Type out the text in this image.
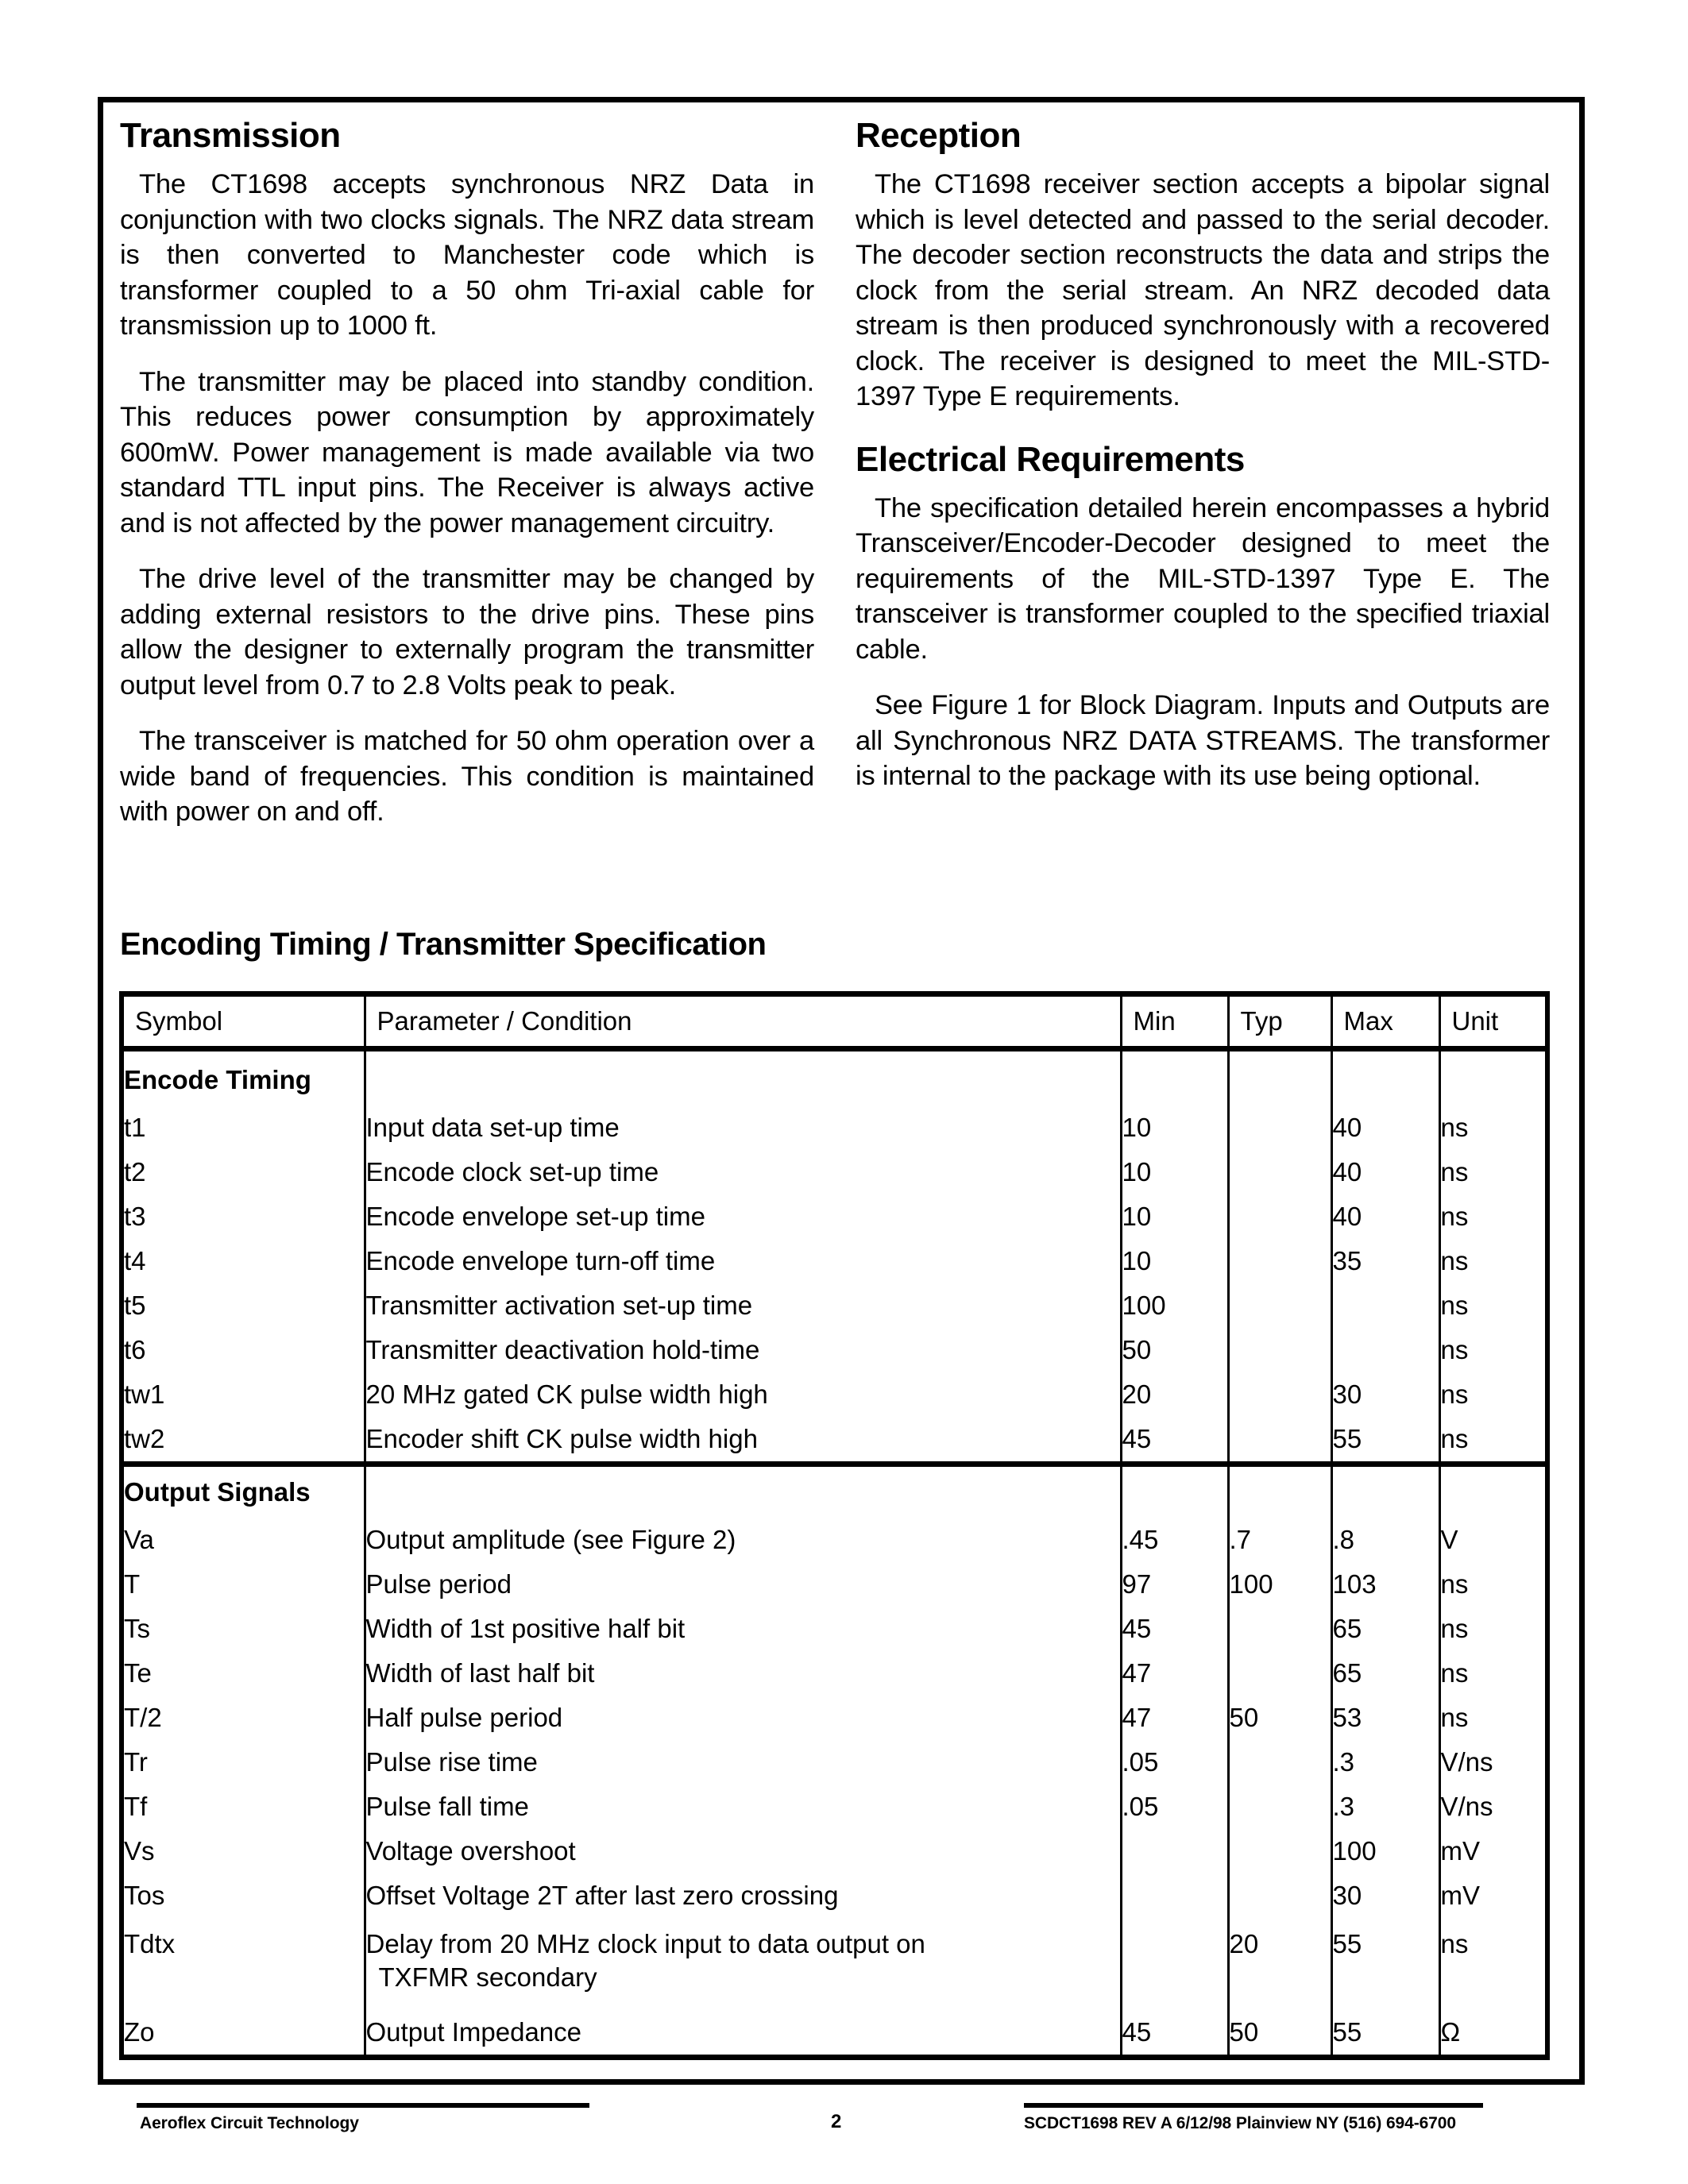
Transmission

The CT1698 accepts synchronous NRZ Data in conjunction with two clocks signals. The NRZ data stream is then converted to Manchester code which is transformer coupled to a 50 ohm Tri-axial cable for transmission up to 1000 ft.

The transmitter may be placed into standby condition. This reduces power consumption by approximately 600mW. Power management is made available via two standard TTL input pins. The Receiver is always active and is not affected by the power management circuitry.

The drive level of the transmitter may be changed by adding external resistors to the drive pins. These pins allow the designer to externally program the transmitter output level from 0.7 to 2.8 Volts peak to peak.

The transceiver is matched for 50 ohm operation over a wide band of frequencies. This condition is maintained with power on and off.

Reception

The CT1698 receiver section accepts a bipolar signal which is level detected and passed to the serial decoder. The decoder section reconstructs the data and strips the clock from the serial stream. An NRZ decoded data stream is then produced synchronously with a recovered clock. The receiver is designed to meet the MIL-STD-1397 Type E requirements.

Electrical Requirements

The specification detailed herein encompasses a hybrid Transceiver/Encoder-Decoder designed to meet the requirements of the MIL-STD-1397 Type E. The transceiver is transformer coupled to the specified triaxial cable.

See Figure 1 for Block Diagram. Inputs and Outputs are all Synchronous NRZ DATA STREAMS. The transformer is internal to the package with its use being optional.

Encoding Timing / Transmitter Specification
Symbol	Parameter / Condition	Min	Typ	Max	Unit
Encode Timing					
t1	Input data set-up time	10		40	ns
t2	Encode clock set-up time	10		40	ns
t3	Encode envelope set-up time	10		40	ns
t4	Encode envelope turn-off time	10		35	ns
t5	Transmitter activation set-up time	100			ns
t6	Transmitter deactivation hold-time	50			ns
tw1	20 MHz gated CK pulse width high	20		30	ns
tw2	Encoder shift CK pulse width high	45		55	ns
Output Signals					
Va	Output amplitude (see Figure 2)	.45	.7	.8	V
T	Pulse period	97	100	103	ns
Ts	Width of 1st positive half bit	45		65	ns
Te	Width of last half bit	47		65	ns
T/2	Half pulse period	47	50	53	ns
Tr	Pulse rise time	.05		.3	V/ns
Tf	Pulse fall time	.05		.3	V/ns
Vs	Voltage overshoot			100	mV
Tos	Offset Voltage 2T after last zero crossing			30	mV
Tdtx	Delay from 20 MHz clock input to data output on
TXFMR secondary		20	55	ns
Zo	Output Impedance	45	50	55	Ω
Aeroflex Circuit Technology	2	SCDCT1698 REV A 6/12/98 Plainview NY (516) 694-6700
